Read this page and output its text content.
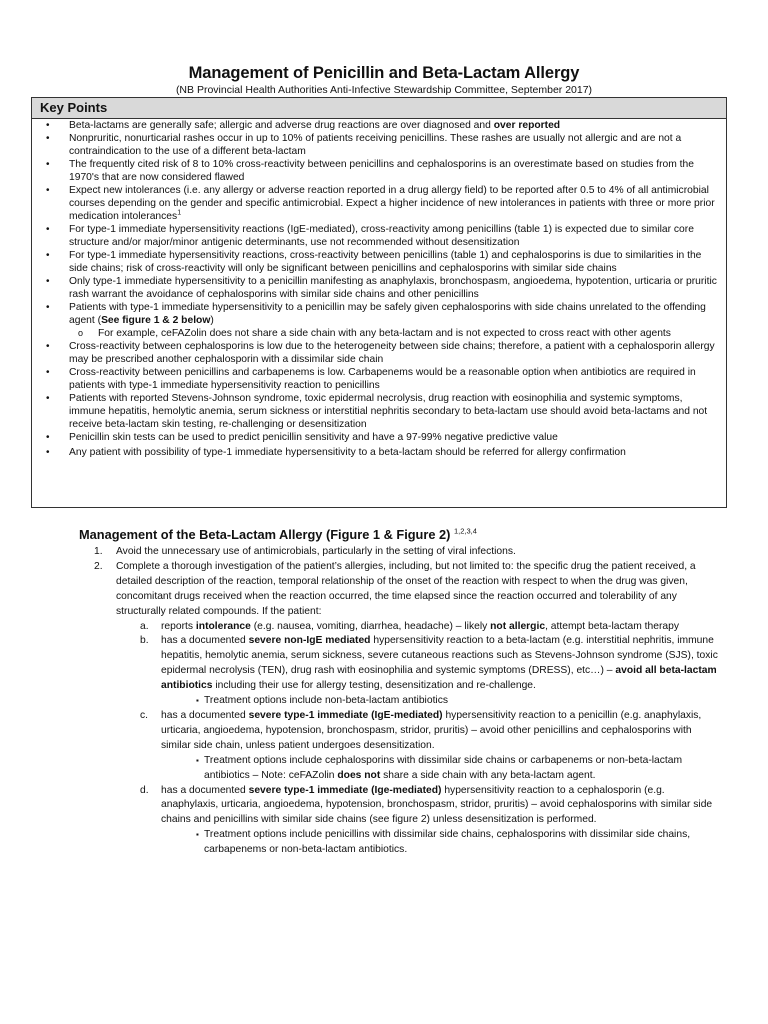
Management of Penicillin and Beta-Lactam Allergy
(NB Provincial Health Authorities Anti-Infective Stewardship Committee, September 2017)
Key Points
• Beta-lactams are generally safe; allergic and adverse drug reactions are over diagnosed and over reported
• Nonpruritic, nonurticarial rashes occur in up to 10% of patients receiving penicillins. These rashes are usually not allergic and are not a contraindication to the use of a different beta-lactam
• The frequently cited risk of 8 to 10% cross-reactivity between penicillins and cephalosporins is an overestimate based on studies from the 1970's that are now considered flawed
• Expect new intolerances (i.e. any allergy or adverse reaction reported in a drug allergy field) to be reported after 0.5 to 4% of all antimicrobial courses depending on the gender and specific antimicrobial. Expect a higher incidence of new intolerances in patients with three or more prior medication intolerances$^1$
• For type-1 immediate hypersensitivity reactions (IgE-mediated), cross-reactivity among penicillins (table 1) is expected due to similar core structure and/or major/minor antigenic determinants, use not recommended without desensitization
• For type-1 immediate hypersensitivity reactions, cross-reactivity between penicillins (table 1) and cephalosporins is due to similarities in the side chains; risk of cross-reactivity will only be significant between penicillins and cephalosporins with similar side chains
• Only type-1 immediate hypersensitivity to a penicillin manifesting as anaphylaxis, bronchospasm, angioedema, hypotention, urticaria or pruritic rash warrant the avoidance of cephalosporins with similar side chains and other penicillins
• Patients with type-1 immediate hypersensitivity to a penicillin may be safely given cephalosporins with side chains unrelated to the offending agent (See figure 1 & 2 below)
o For example, ceFAZolin does not share a side chain with any beta-lactam and is not expected to cross react with other agents
• Cross-reactivity between cephalosporins is low due to the heterogeneity between side chains; therefore, a patient with a cephalosporin allergy may be prescribed another cephalosporin with a dissimilar side chain
• Cross-reactivity between penicillins and carbapenems is low. Carbapenems would be a reasonable option when antibiotics are required in patients with type-1 immediate hypersensitivity reaction to penicillins
• Patients with reported Stevens-Johnson syndrome, toxic epidermal necrolysis, drug reaction with eosinophilia and systemic symptoms, immune hepatitis, hemolytic anemia, serum sickness or interstitial nephritis secondary to beta-lactam use should avoid beta-lactams and not receive beta-lactam skin testing, re-challenging or desensitization
• Penicillin skin tests can be used to predict penicillin sensitivity and have a 97-99% negative predictive value
• Any patient with possibility of type-1 immediate hypersensitivity to a beta-lactam should be referred for allergy confirmation
Management of the Beta-Lactam Allergy (Figure 1 & Figure 2) $^{1,2,3,4}$
1. Avoid the unnecessary use of antimicrobials, particularly in the setting of viral infections.
2. Complete a thorough investigation of the patient’s allergies, including, but not limited to: the specific drug the patient received, a detailed description of the reaction, temporal relationship of the onset of the reaction with respect to when the drug was given, concomitant drugs received when the reaction occurred, the time elapsed since the reaction occurred and tolerability of any structurally related compounds. If the patient:
a. reports intolerance (e.g. nausea, vomiting, diarrhea, headache) – likely not allergic, attempt beta-lactam therapy
b. has a documented severe non-IgE mediated hypersensitivity reaction to a beta-lactam (e.g. interstitial nephritis, immune hepatitis, hemolytic anemia, serum sickness, severe cutaneous reactions such as Stevens-Johnson syndrome (SJS), toxic epidermal necrolysis (TEN), drug rash with eosinophilia and systemic symptoms (DRESS), etc…) – avoid all beta-lactam antibiotics including their use for allergy testing, desensitization and re-challenge.
▪ Treatment options include non-beta-lactam antibiotics
c. has a documented severe type-1 immediate (IgE-mediated) hypersensitivity reaction to a penicillin (e.g. anaphylaxis, urticaria, angioedema, hypotension, bronchospasm, stridor, pruritis) – avoid other penicillins and cephalosporins with similar side chain, unless patient undergoes desensitization.
▪ Treatment options include cephalosporins with dissimilar side chains or carbapenems or non-beta-lactam antibiotics – Note: ceFAZolin does not share a side chain with any beta-lactam agent.
d. has a documented severe type-1 immediate (Ige-mediated) hypersensitivity reaction to a cephalosporin (e.g. anaphylaxis, urticaria, angioedema, hypotension, bronchospasm, stridor, pruritis) – avoid cephalosporins with similar side chains and penicillins with similar side chains (see figure 2) unless desensitization is performed.
▪ Treatment options include penicillins with dissimilar side chains, cephalosporins with dissimilar side chains, carbapenems or non-beta-lactam antibiotics.
